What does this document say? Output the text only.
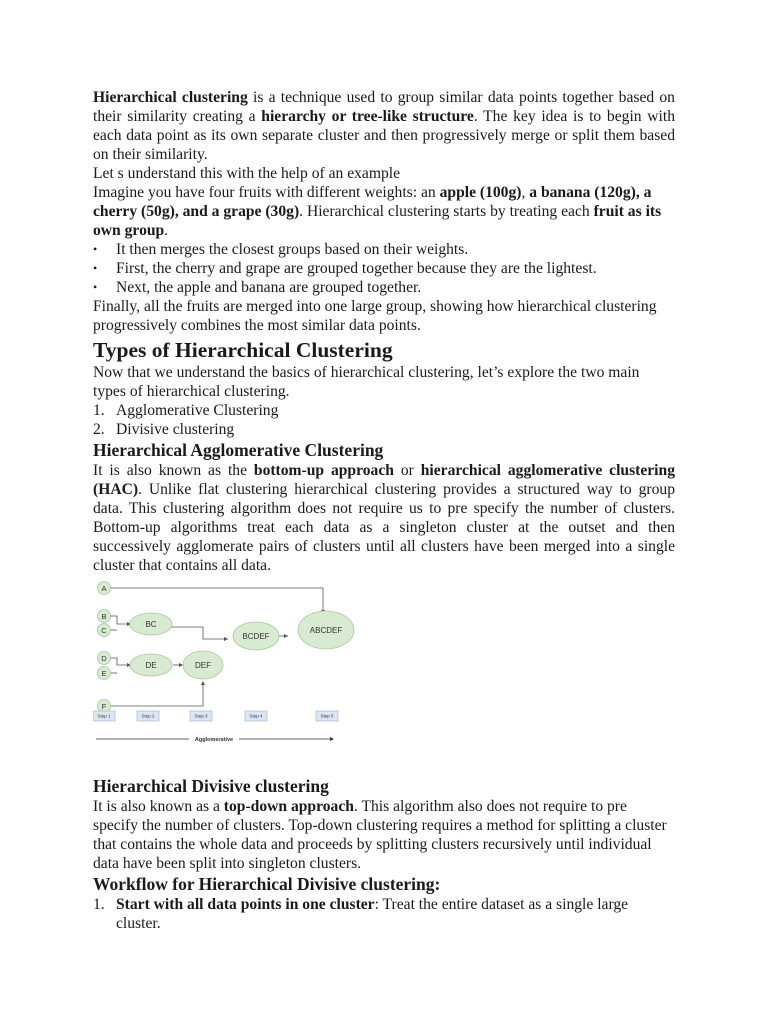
Hierarchical clustering is a technique used to group similar data points together based on their similarity creating a hierarchy or tree-like structure. The key idea is to begin with each data point as its own separate cluster and then progressively merge or split them based on their similarity.

Let s understand this with the help of an example

Imagine you have four fruits with different weights: an apple (100g), a banana (120g), a cherry (50g), and a grape (30g). Hierarchical clustering starts by treating each fruit as its own group.

• It then merges the closest groups based on their weights.
• First, the cherry and grape are grouped together because they are the lightest.
• Next, the apple and banana are grouped together.

Finally, all the fruits are merged into one large group, showing how hierarchical clustering progressively combines the most similar data points.

Types of Hierarchical Clustering

Now that we understand the basics of hierarchical clustering, let’s explore the two main types of hierarchical clustering.

1. Agglomerative Clustering
2. Divisive clustering
Hierarchical Agglomerative Clustering

It is also known as the bottom-up approach or hierarchical agglomerative clustering (HAC). Unlike flat clustering hierarchical clustering provides a structured way to group data. This clustering algorithm does not require us to pre specify the number of clusters. Bottom-up algorithms treat each data as a singleton cluster at the outset and then successively agglomerate pairs of clusters until all clusters have been merged into a single cluster that contains all data.

A
B
C
D
E
F
BC
DE	DEF
BCDEF
ABCDEF
Step 1	Step 2	Step 3	Step 4	Step 5
Agglomerative
Hierarchical Divisive clustering

It is also known as a top-down approach. This algorithm also does not require to pre specify the number of clusters. Top-down clustering requires a method for splitting a cluster that contains the whole data and proceeds by splitting clusters recursively until individual data have been split into singleton clusters.

Workflow for Hierarchical Divisive clustering:
1. Start with all data points in one cluster: Treat the entire dataset as a single large cluster.
